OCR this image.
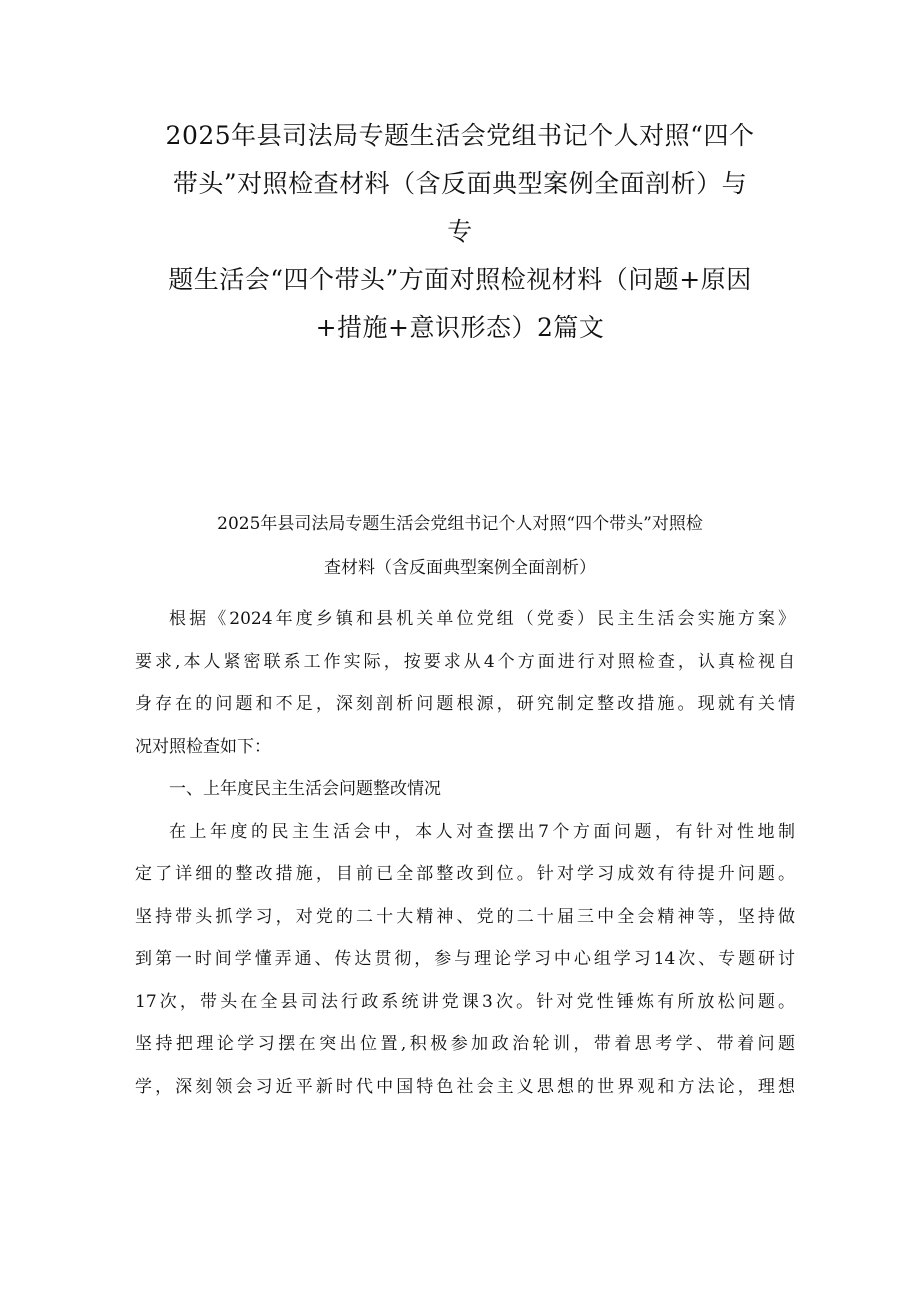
2025年县司法局专题生活会党组书记个人对照“四个
带头”对照检查材料（含反面典型案例全面剖析）与
专
题生活会“四个带头”方面对照检视材料（问题+原因
+措施+意识形态）2篇文
2025年县司法局专题生活会党组书记个人对照“四个带头”对照检
查材料（含反面典型案例全面剖析）
根据《2024年度乡镇和县机关单位党组（党委）民主生活会实施方案》
要求,本人紧密联系工作实际，按要求从4个方面进行对照检查，认真检视自
身存在的问题和不足，深刻剖析问题根源，研究制定整改措施。现就有关情
况对照检查如下：
一、上年度民主生活会问题整改情况
在上年度的民主生活会中，本人对查摆出7个方面问题，有针对性地制
定了详细的整改措施，目前已全部整改到位。针对学习成效有待提升问题。
坚持带头抓学习，对党的二十大精神、党的二十届三中全会精神等，坚持做
到第一时间学懂弄通、传达贯彻，参与理论学习中心组学习14次、专题研讨
17次，带头在全县司法行政系统讲党课3次。针对党性锤炼有所放松问题。
坚持把理论学习摆在突出位置,积极参加政治轮训，带着思考学、带着问题
学，深刻领会习近平新时代中国特色社会主义思想的世界观和方法论，理想
